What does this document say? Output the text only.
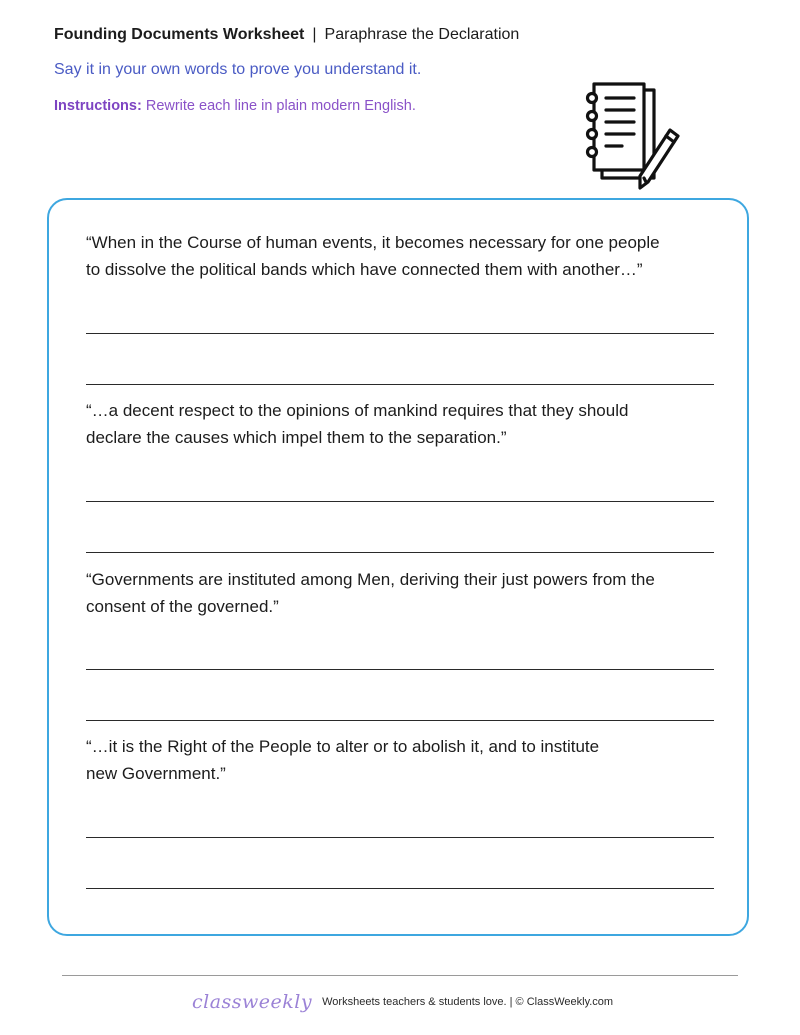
Founding Documents Worksheet | Paraphrase the Declaration
Say it in your own words to prove you understand it.
Instructions: Rewrite each line in plain modern English.
“When in the Course of human events, it becomes necessary for one people
to dissolve the political bands which have connected them with another…”
“…a decent respect to the opinions of mankind requires that they should
declare the causes which impel them to the separation.”
“Governments are instituted among Men, deriving their just powers from the
consent of the governed.”
“…it is the Right of the People to alter or to abolish it, and to institute
new Government.”
classweekly Worksheets teachers & students love. | © ClassWeekly.com
